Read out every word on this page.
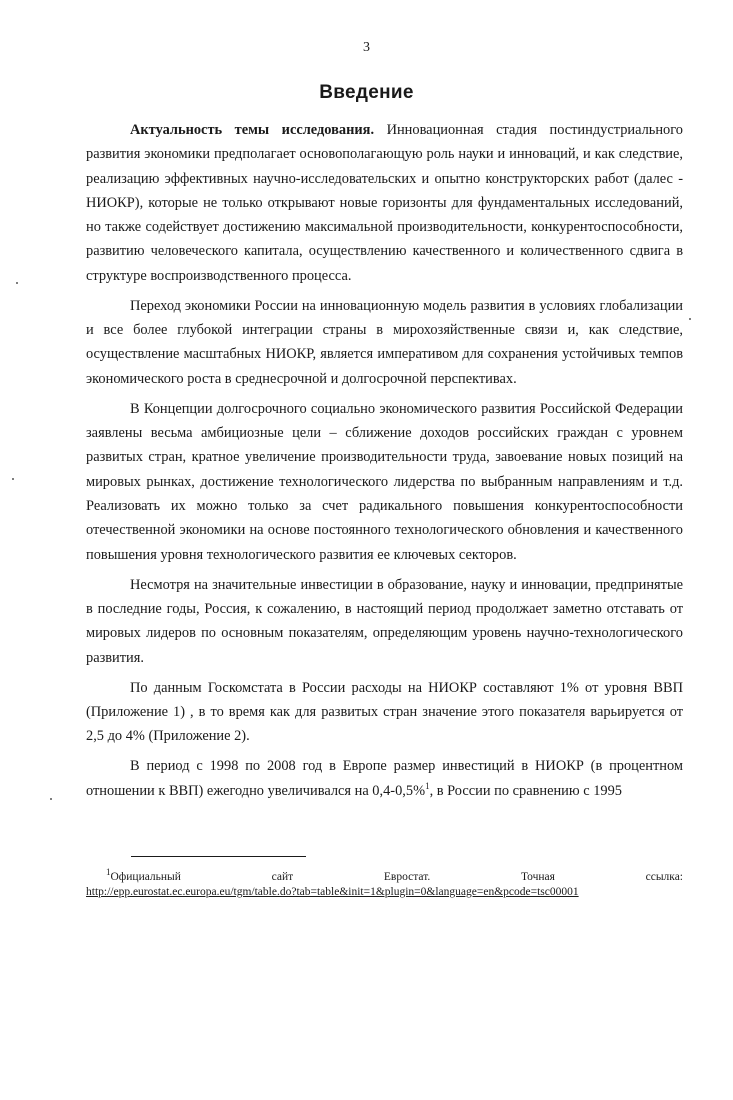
3
Введение

Актуальность темы исследования. Инновационная стадия постиндустриального развития экономики предполагает основополагающую роль науки и инноваций, и как следствие, реализацию эффективных научно-исследовательских и опытно конструкторских работ (далес - НИОКР), которые не только открывают новые горизонты для фундаментальных исследований, но также содействует достижению максимальной производительности, конкурентоспособности, развитию человеческого капитала, осуществлению качественного и количественного сдвига в структуре воспроизводственного процесса.

Переход экономики России на инновационную модель развития в условиях глобализации и все более глубокой интеграции страны в мирохозяйственные связи и, как следствие, осуществление масштабных НИОКР, является императивом для сохранения устойчивых темпов экономического роста в среднесрочной и долгосрочной перспективах.

В Концепции долгосрочного социально экономического развития Российской Федерации заявлены весьма амбициозные цели – сближение доходов российских граждан с уровнем развитых стран, кратное увеличение производительности труда, завоевание новых позиций на мировых рынках, достижение технологического лидерства по выбранным направлениям и т.д. Реализовать их можно только за счет радикального повышения конкурентоспособности отечественной экономики на основе постоянного технологического обновления и качественного повышения уровня технологического развития ее ключевых секторов.

Несмотря на значительные инвестиции в образование, науку и инновации, предпринятые в последние годы, Россия, к сожалению, в настоящий период продолжает заметно отставать от мировых лидеров по основным показателям, определяющим уровень научно-технологического развития.

По данным Госкомстата в России расходы на НИОКР составляют 1% от уровня ВВП (Приложение 1) , в то время как для развитых стран значение этого показателя варьируется от 2,5 до 4% (Приложение 2).

В период с 1998 по 2008 год в Европе размер инвестиций в НИОКР (в процентном отношении к ВВП) ежегодно увеличивался на 0,4-0,5%$^1$, в России по сравнению с 1995

$^1$Официальный	сайт	Евростат.	Точная	ссылка:
http://epp.eurostat.ec.europa.eu/tgm/table.do?tab=table&init=1&plugin=0&language=en&pcode=tsc00001
